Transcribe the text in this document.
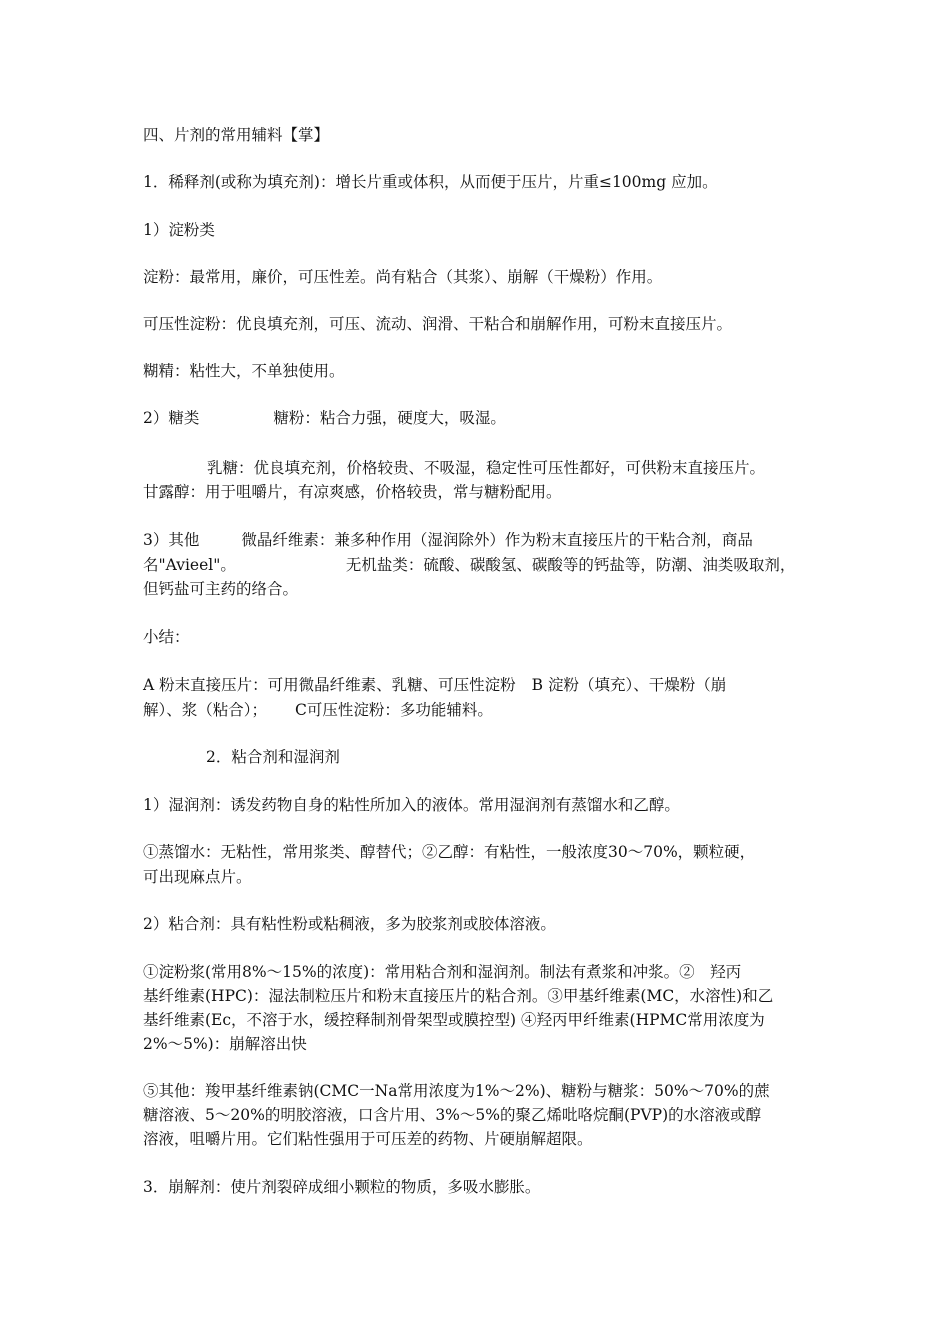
四、片剂的常用辅料【掌】

1．稀释剂(或称为填充剂)：增长片重或体积，从而便于压片，片重≤100mg 应加。

1）淀粉类

淀粉：最常用，廉价，可压性差。尚有粘合（其浆）、崩解（干燥粉）作用。

可压性淀粉：优良填充剂，可压、流动、润滑、干粘合和崩解作用，可粉末直接压片。

糊精：粘性大，不单独使用。

2）糖类	糖粉：粘合力强，硬度大，吸湿。

乳糖：优良填充剂，价格较贵、不吸湿，稳定性可压性都好，可供粉末直接压片。

甘露醇：用于咀嚼片，有凉爽感，价格较贵，常与糖粉配用。

3）其他	微晶纤维素：兼多种作用（湿润除外）作为粉末直接压片的干粘合剂，商品

名"Avieel"。	无机盐类：硫酸、碳酸氢、碳酸等的钙盐等，防潮、油类吸取剂，

但钙盐可主药的络合。

小结：

A 粉末直接压片：可用微晶纤维素、乳糖、可压性淀粉 B 淀粉（填充）、干燥粉（崩

解）、浆（粘合）； C可压性淀粉：多功能辅料。

2．粘合剂和湿润剂

1）湿润剂：诱发药物自身的粘性所加入的液体。常用湿润剂有蒸馏水和乙醇。

①蒸馏水：无粘性，常用浆类、醇替代；②乙醇：有粘性，一般浓度30～70%，颗粒硬，

可出现麻点片。

2）粘合剂：具有粘性粉或粘稠液，多为胶浆剂或胶体溶液。

①淀粉浆(常用8%～15%的浓度)：常用粘合剂和湿润剂。制法有煮浆和冲浆。②　羟丙

基纤维素(HPC)：湿法制粒压片和粉末直接压片的粘合剂。③甲基纤维素(MC，水溶性)和乙

基纤维素(Ec，不溶于水，缓控释制剂骨架型或膜控型) ④羟丙甲纤维素(HPMC常用浓度为

2%～5%)：崩解溶出快

⑤其他：羧甲基纤维素钠(CMC一Na常用浓度为1%～2%)、糖粉与糖浆：50%～70%的蔗

糖溶液、5～20%的明胶溶液，口含片用、3%～5%的聚乙烯吡咯烷酮(PVP)的水溶液或醇

溶液，咀嚼片用。它们粘性强用于可压差的药物、片硬崩解超限。

3．崩解剂：使片剂裂碎成细小颗粒的物质，多吸水膨胀。
